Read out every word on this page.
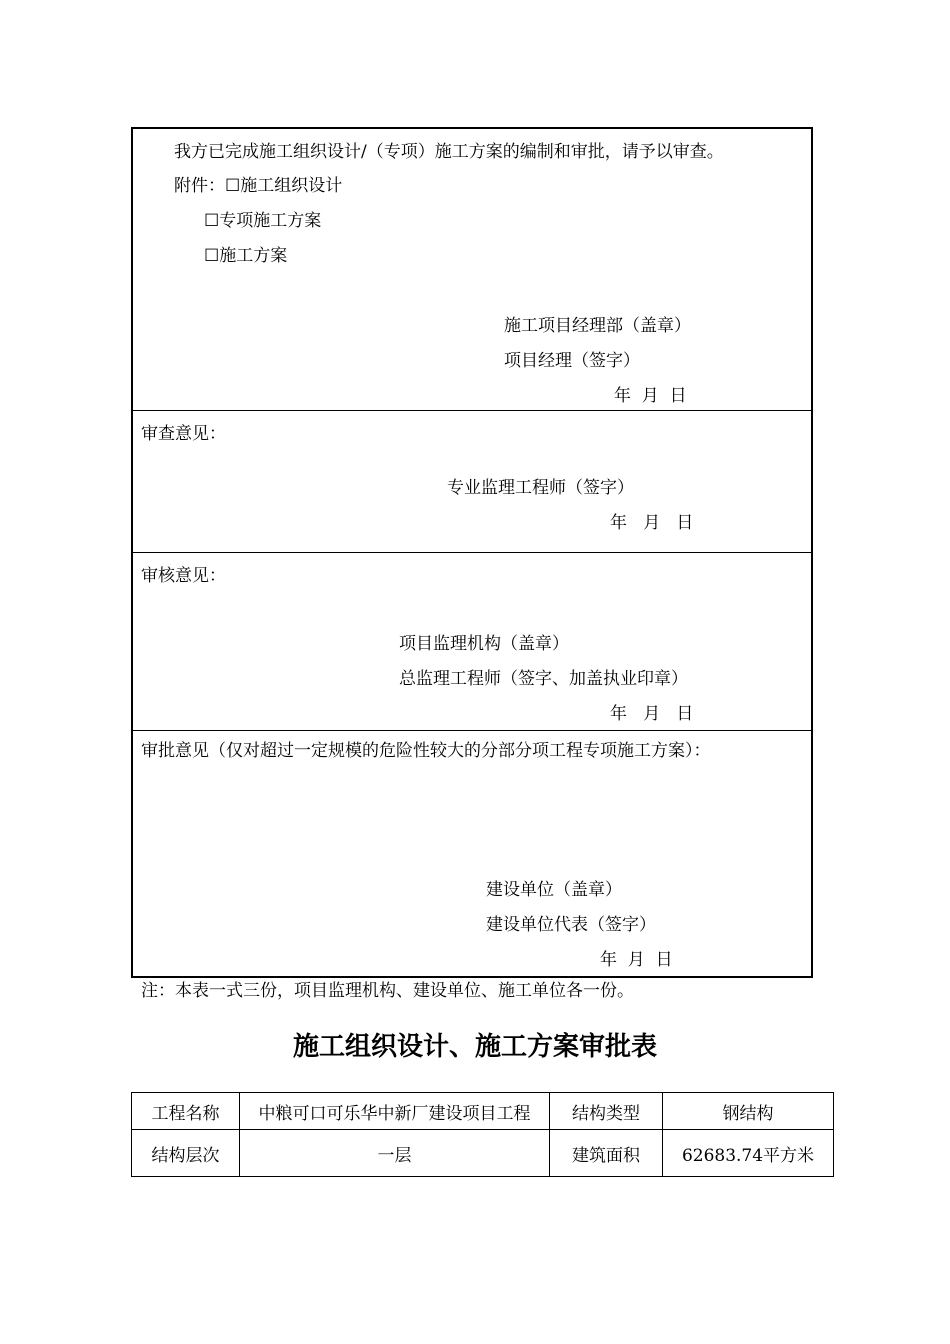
我方已完成施工组织设计/（专项）施工方案的编制和审批，请予以审查。
附件：☐施工组织设计
☐专项施工方案
☐施工方案
施工项目经理部（盖章）
项目经理（签字）
年  月  日
审查意见：
专业监理工程师（签字）
年   月   日
审核意见：
项目监理机构（盖章）
总监理工程师（签字、加盖执业印章）
年   月   日
审批意见（仅对超过一定规模的危险性较大的分部分项工程专项施工方案）：
建设单位（盖章）
建设单位代表（签字）
年  月  日
注：本表一式三份，项目监理机构、建设单位、施工单位各一份。
施工组织设计、施工方案审批表
工程名称	中粮可口可乐华中新厂建设项目工程	结构类型	钢结构
结构层次	一层	建筑面积	62683.74平方米
